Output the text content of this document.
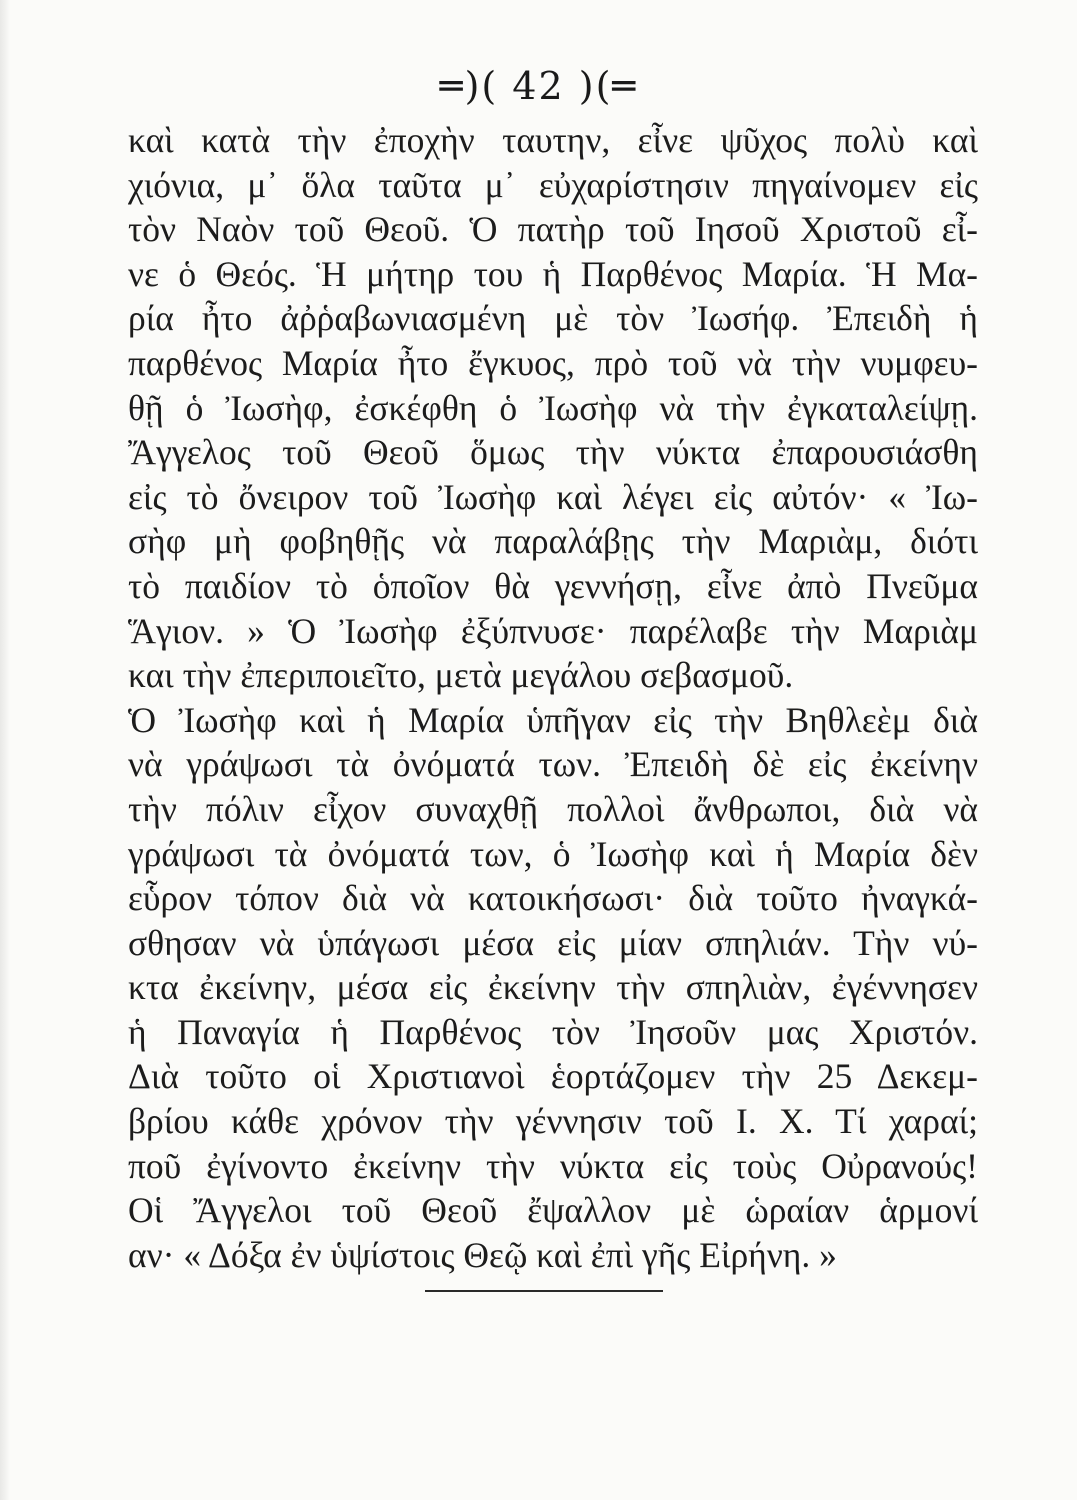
═)( 42 )(═
καὶ κατὰ τὴν ἐποχὴν ταυτην, εἶνε ψῦχος πολὺ καὶ
χιόνια, μ᾽ ὅλα ταῦτα μ᾽ εὐχαρίστησιν πηγαίνομεν εἰς
τὸν Ναὸν τοῦ Θεοῦ. Ὁ πατὴρ τοῦ Ιησοῦ Χριστοῦ εἶ-
νε ὁ Θεός. Ἡ μήτηρ του ἡ Παρθένος Μαρία. Ἡ Μα-
ρία ἦτο ἀῤῥαβωνιασμένη μὲ τὸν Ἰωσήφ. Ἐπειδὴ ἡ
παρθένος Μαρία ἦτο ἔγκυος, πρὸ τοῦ νὰ τὴν νυμφευ-
θῇ ὁ Ἰωσὴφ, ἐσκέφθη ὁ Ἰωσὴφ νὰ τὴν ἐγκαταλείψῃ.
Ἄγγελος τοῦ Θεοῦ ὅμως τὴν νύκτα ἐπαρουσιάσθη
εἰς τὸ ὄνειρον τοῦ Ἰωσὴφ καὶ λέγει εἰς αὐτόν· « Ἰω-
σὴφ μὴ φοβηθῇς νὰ παραλάβῃς τὴν Μαριὰμ, διότι
τὸ παιδίον τὸ ὁποῖον θὰ γεννήσῃ, εἶνε ἀπὸ Πνεῦμα
Ἅγιον. » Ὁ Ἰωσὴφ ἐξύπνυσε· παρέλαβε τὴν Μαριὰμ
και τὴν ἐπεριποιεῖτο, μετὰ μεγάλου σεβασμοῦ.
Ὁ Ἰωσὴφ καὶ ἡ Μαρία ὑπῆγαν εἰς τὴν Βηθλεὲμ διὰ
νὰ γράψωσι τὰ ὀνόματά των. Ἐπειδὴ δὲ εἰς ἐκείνην
τὴν πόλιν εἶχον συναχθῇ πολλοὶ ἄνθρωποι, διὰ νὰ
γράψωσι τὰ ὀνόματά των, ὁ Ἰωσὴφ καὶ ἡ Μαρία δὲν
εὗρον τόπον διὰ νὰ κατοικήσωσι· διὰ τοῦτο ἠναγκά-
σθησαν νὰ ὑπάγωσι μέσα εἰς μίαν σπηλιάν. Τὴν νύ-
κτα ἐκείνην, μέσα εἰς ἐκείνην τὴν σπηλιὰν, ἐγέννησεν
ἡ Παναγία ἡ Παρθένος τὸν Ἰησοῦν μας Χριστόν.
Διὰ τοῦτο οἱ Χριστιανοὶ ἑορτάζομεν τὴν 25 Δεκεμ-
βρίου κάθε χρόνον τὴν γέννησιν τοῦ Ι. Χ. Τί χαραί;
ποῦ ἐγίνοντο ἐκείνην τὴν νύκτα εἰς τοὺς Οὐρανούς!
Οἱ Ἄγγελοι τοῦ Θεοῦ ἔψαλλον μὲ ὡραίαν ἁρμονί
αν· « Δόξα ἐν ὑψίστοις Θεῷ καὶ ἐπὶ γῆς Εἰρήνη. »
